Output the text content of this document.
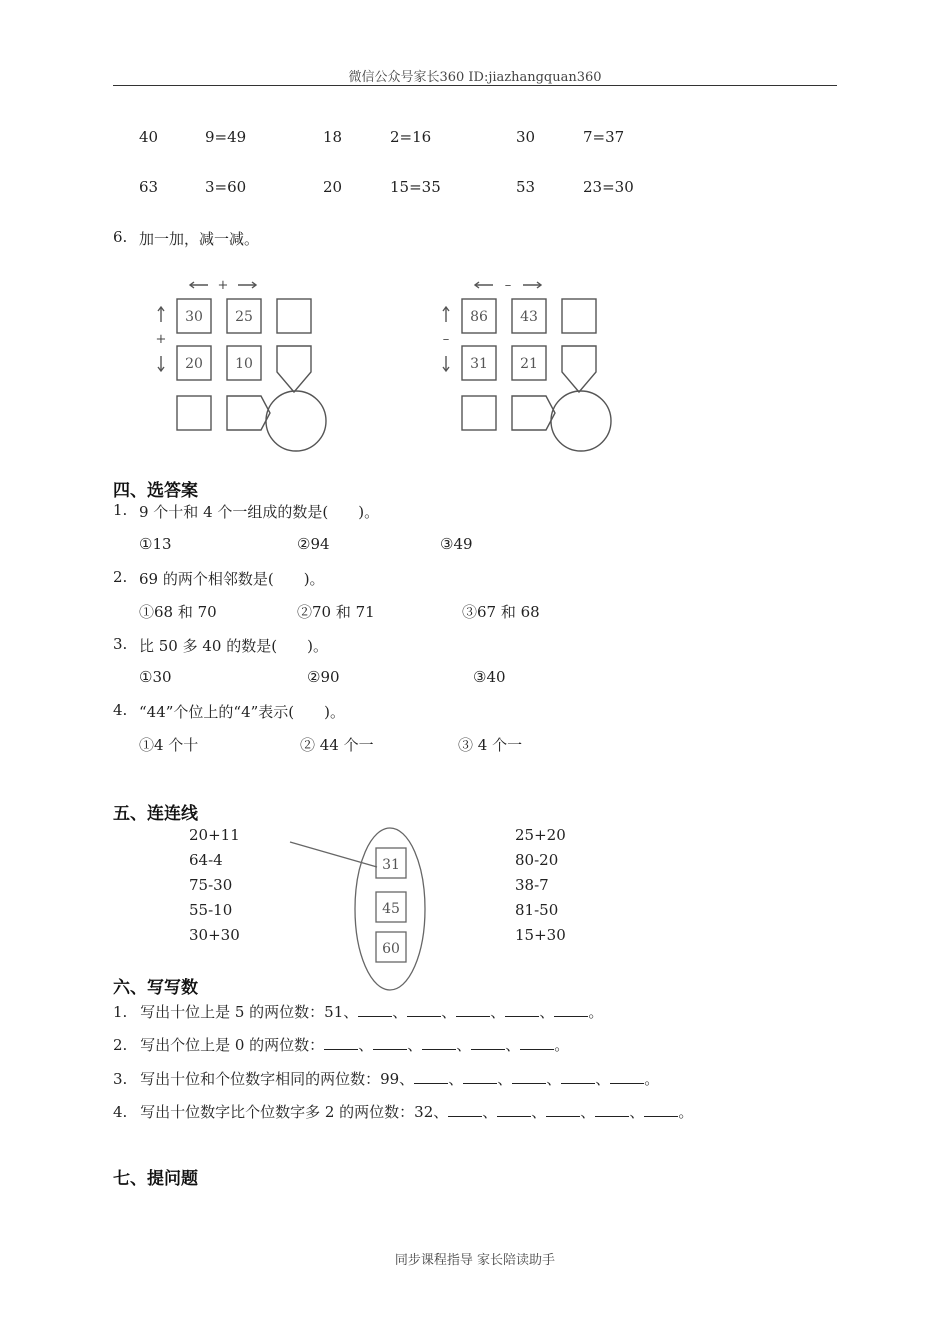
微信公众号家长360 ID:jiazhangquan360
40	9=49	18	2=16	30	7=37
63	3=60	20	15=35	53	23=30
6. 加一加，减一减。
+
+
30 25
20 10
–
–
86 43
31 21
四、选答案
1. 9 个十和 4 个一组成的数是(　　)。
①13	②94	③49
2. 69 的两个相邻数是(　　)。
①68 和 70	②70 和 71	③67 和 68
3. 比 50 多 40 的数是(　　)。
①30	②90	③40
4. “44”个位上的“4”表示(　　)。
①4 个十	② 44 个一	③ 4 个一
五、连连线
31
45
60
20+11
64-4
75-30
55-10
30+30
25+20
80-20
38-7
81-50
15+30
六、写写数
1. 写出十位上是 5 的两位数：51、 、 、 、 、 。
2. 写出个位上是 0 的两位数： 、 、 、 、 。
3. 写出十位和个位数字相同的两位数：99、 、 、 、 、 。
4. 写出十位数字比个位数字多 2 的两位数：32、 、 、 、 、 。
七、提问题
同步课程指导 家长陪读助手
